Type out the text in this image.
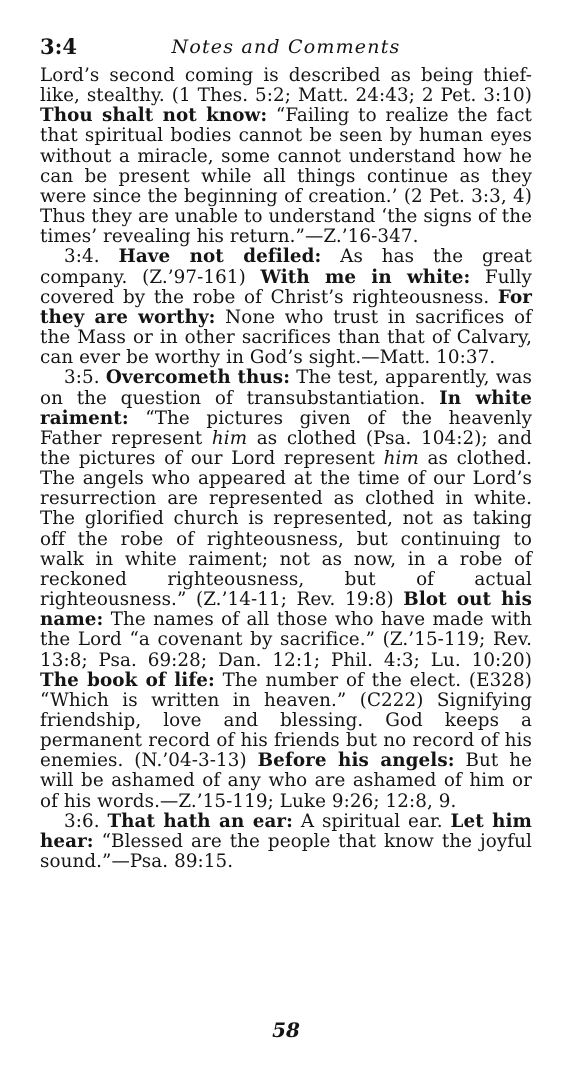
3:4	Notes and Comments

Lord’s second coming is described as being thief-like, stealthy. (1 Thes. 5:2; Matt. 24:43; 2 Pet. 3:10) Thou shalt not know: “Failing to realize the fact that spiritual bodies cannot be seen by human eyes without a miracle, some cannot understand how he can be present while all things continue as they were since the beginning of creation.’ (2 Pet. 3:3, 4) Thus they are unable to understand ‘the signs of the times’ revealing his return.”—Z.’16-347.

3:4. Have not defiled: As has the great company. (Z.’97-161) With me in white: Fully covered by the robe of Christ’s righteousness. For they are worthy: None who trust in sacrifices of the Mass or in other sacrifices than that of Calvary, can ever be worthy in God’s sight.—Matt. 10:37.

3:5. Overcometh thus: The test, apparently, was on the question of transubstantiation. In white raiment: “The pictures given of the heavenly Father represent him as clothed (Psa. 104:2); and the pictures of our Lord represent him as clothed. The angels who appeared at the time of our Lord’s resurrection are represented as clothed in white. The glorified church is represented, not as taking off the robe of righteousness, but continuing to walk in white raiment; not as now, in a robe of reckoned righteousness, but of actual righteousness.” (Z.’14-11; Rev. 19:8) Blot out his name: The names of all those who have made with the Lord “a covenant by sacrifice.” (Z.’15-119; Rev. 13:8; Psa. 69:28; Dan. 12:1; Phil. 4:3; Lu. 10:20) The book of life: The number of the elect. (E328) “Which is written in heaven.” (C222) Signifying friendship, love and blessing. God keeps a permanent record of his friends but no record of his enemies. (N.’04-3-13) Before his angels: But he will be ashamed of any who are ashamed of him or of his words.—Z.’15-119; Luke 9:26; 12:8, 9.

3:6. That hath an ear: A spiritual ear. Let him hear: “Blessed are the people that know the joyful sound.”—Psa. 89:15.

58
